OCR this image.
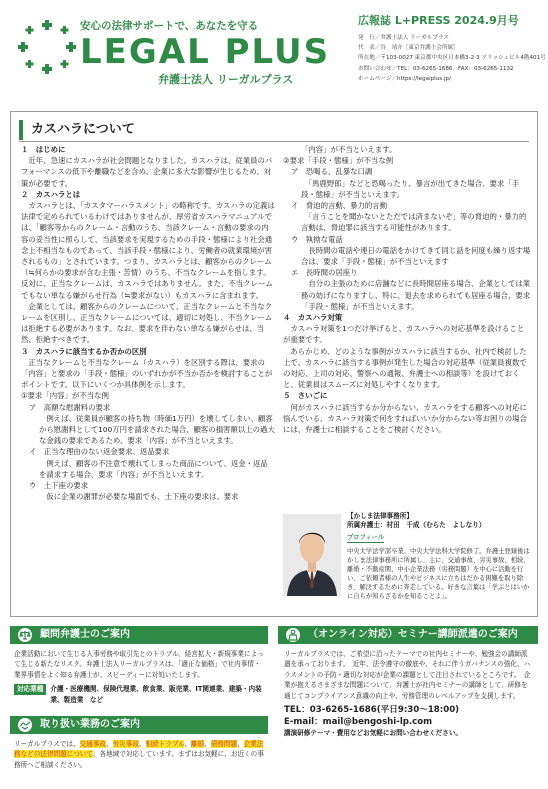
安心の法律サポートで、あなたを守る
LEGAL PLUS
弁護士法人 リーガルプラス
広報誌 L+PRESS 2024.9月号
発　行／弁護士法人 リーガルプラス
代　表／谷　靖介［東京弁護士会所属］
所在地／〒103-0027 東京都中央区日本橋3-2-3 ソリッシェビル4階401号
お問い合わせ／TEL：03-6265-1686　FAX：03-6265-1132
ホームページ／https://legalplus.jp/
カスハラについて

１　はじめに

　近年、急速にカスハラが社会問題となりました。カスハラは、従業員のパフォーマンスの低下や離職などを含め、企業に多大な影響が生じるため、対策が必要です。

２　カスハラとは

　カスハラとは、「カスタマーハラスメント」の略称です。カスハラの定義は法律で定められているわけではありませんが、厚労省カスハラマニュアルでは、「顧客等からのクレーム・言動のうち、当該クレーム・言動の要求の内容の妥当性に照らして、当該要求を実現するための手段・態様により社会通念上不相当なものであって、当該手段・態様により、労働者の就業環境が害されるもの」とされています。つまり、カスハラとは、顧客からのクレーム（≒何らかの要求が含む主張・苦情）のうち、不当なクレームを指します。反対に、正当なクレームは、カスハラではありません。また、不当クレームでもない単なる嫌がらせ行為（≒要求がない）もカスハラに含まれます。

　企業としては、顧客からのクレームについて、正当なクレームと不当なクレームを区別し、正当なクレームについては、適切に対処し、不当クレームは拒絶する必要があります。なお、要求を伴わない単なる嫌がらせは、当然、拒絶すべきです。

３　カスハラに該当するか否かの区別

　正当なクレームと不当なクレーム（カスハラ）を区別する際は、要求の「内容」と要求の「手段・態様」のいずれかが不当か否かを検討することがポイントです。以下にいくつか具体例を示します。

①要求「内容」が不当な例

ア　高額な慰謝料の要求

　例えば、従業員が顧客の持ち物（時価1万円）を壊してしまい、顧客から慰謝料として100万円を請求された場合、顧客の損害額以上の過大な金銭の要求であるため、要求「内容」が不当といえます。

イ　正当な理由のない返金要求、返品要求

　例えば、顧客の不注意で壊れてしまった商品について、返金・返品を請求する場合、要求「内容」が不当といえます。

ウ　土下座の要求

　仮に企業の謝罪が必要な場面でも、土下座の要求は、要求

「内容」が不当といえます。

②要求「手段・態様」が不当な例

ア　恐喝る、乱暴な口調

　「馬鹿野郎」などと恐喝ったり、暴言が出てきた場合、要求「手段・態様」が不当といえます。

イ　脅迫的言動、暴力的言動

　「言うことを聞かないとただでは済まないぞ」等の脅迫的・暴力的言動は、脅迫罪に該当する可能性があります。

ウ　執拗な電話

　長時間の電話や連日の電話をかけてきて同じ話を何度も繰り返す場合は、要求「手段・態様」が不当といえます

エ　長時間の居座り

　自分の主張のために店舗などに長時間居座る場合、企業としては業務の妨げになりますし、特に、退去を求められても居座る場合、要求「手段・態様」が不当といえます。

４　カスハラ対策

　カスハラ対策を1つだけ挙げると、カスハラへの対応基準を設けることが重要です。

　あらかじめ、どのような事例がカスハラに該当するか、社内で検討した上で、カスハラに該当する事例が発生した場合の対応基準（従業員複数での対応、上司の対応、警察への通報、弁護士への相談等）を設けておくと、従業員はスムーズに対処しやすくなります。

５　さいごに

　何がカスハラに該当するか分からない、カスハラをする顧客への対応に悩んでいる、カスハラ対策で何をすればいいか分からない等お困りの場合には、弁護士に相談することをご検討ください。

【かしま法律事務所】
所属弁護士：村田　千成（むらた　よしなり）
プロフィール
中央大学法学部卒業、中央大学法科大学院修了。弁護士登録後はかしま法律事務所に所属し、主に、交通事故、労災事故、相続、離婚・不動産関、中小企業法務（労務問題）を中心に活動を行い、ご依頼者様の人生やビジネスに立ちはだかる困難を取り除き、解決するために奔走している。好きな言葉は「学ぶとはいかに自らが知らざるかを知ることよ」。
顧問弁護士のご案内
企業活動において生じる人事労務や取引先とのトラブル、経営拡大・新規事業によって生じる新たなリスク。弁護士法人リーガルプラスは、「適正な価格」で社内事情・業界事情をよく知る弁護士が、スピーディーに対処いたします。
対応業種	介護・医療機関、保険代理業、飲食業、販売業、IT関連業、建築・内装業、製造業　など
取り扱い業務のご案内
リーガルプラスでは、交通事故、労災事故、相続トラブル、離婚、債務問題、企業法務などの法律問題について、各地域で対応しています。まずはお気軽に、お近くの事務所へご相談ください。
（オンライン対応）セミナー講師派遣のご案内
リーガルプラスでは、ご希望に沿ったテーマでの社内セミナーや、勉強会の講師派遣を承っております。　近年、法令遵守の徹底や、それに伴うガバナンスの強化、ハラスメントの予防・適切な対応が企業の課題として注目されているところです。　企業が抱えるさまざまな問題について、弁護士が社内セミナーの講師として、研修を通じてコンプライアンス意識の向上や、労務管理のレベルアップを支援します。
TEL：03-6265-1686(平日9:30〜18:00)
E-mail：mail@bengoshi-lp.com
講演研修テーマ・費用などお気軽にお問い合わせください。
